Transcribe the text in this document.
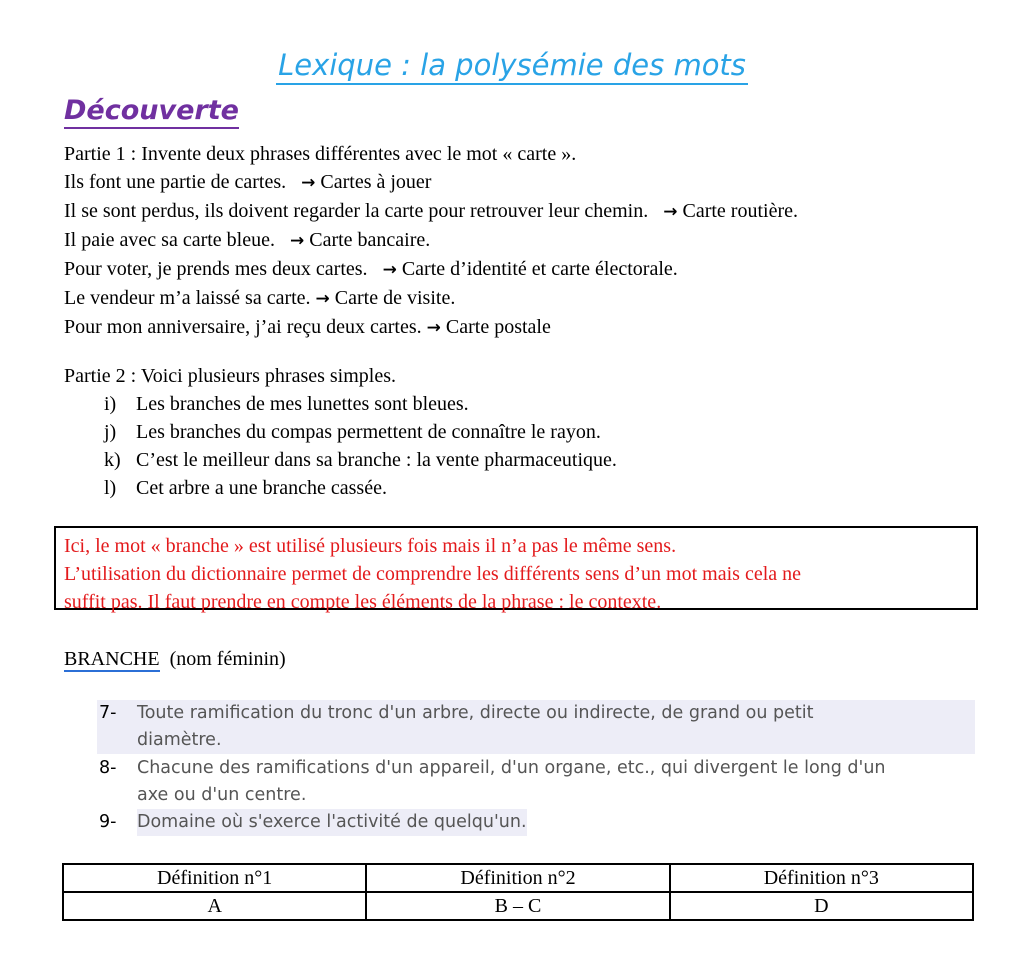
Lexique : la polysémie des mots
Découverte
Partie 1 : Invente deux phrases différentes avec le mot « carte ».
Ils font une partie de cartes. → Cartes à jouer
Il se sont perdus, ils doivent regarder la carte pour retrouver leur chemin. → Carte routière.
Il paie avec sa carte bleue. → Carte bancaire.
Pour voter, je prends mes deux cartes. → Carte d’identité et carte électorale.
Le vendeur m’a laissé sa carte. → Carte de visite.
Pour mon anniversaire, j’ai reçu deux cartes. → Carte postale
Partie 2 : Voici plusieurs phrases simples.
i) Les branches de mes lunettes sont bleues.
j) Les branches du compas permettent de connaître le rayon.
k) C’est le meilleur dans sa branche : la vente pharmaceutique.
l) Cet arbre a une branche cassée.
Ici, le mot « branche » est utilisé plusieurs fois mais il n’a pas le même sens.
L’utilisation du dictionnaire permet de comprendre les différents sens d’un mot mais cela ne
suffit pas. Il faut prendre en compte les éléments de la phrase : le contexte.
BRANCHE (nom féminin)
7- Toute ramification du tronc d'un arbre, directe ou indirecte, de grand ou petit
diamètre.
8- Chacune des ramifications d'un appareil, d'un organe, etc., qui divergent le long d'un
axe ou d'un centre.
9- Domaine où s'exerce l'activité de quelqu'un.
Définition n°1	Définition n°2	Définition n°3
A	B – C	D
